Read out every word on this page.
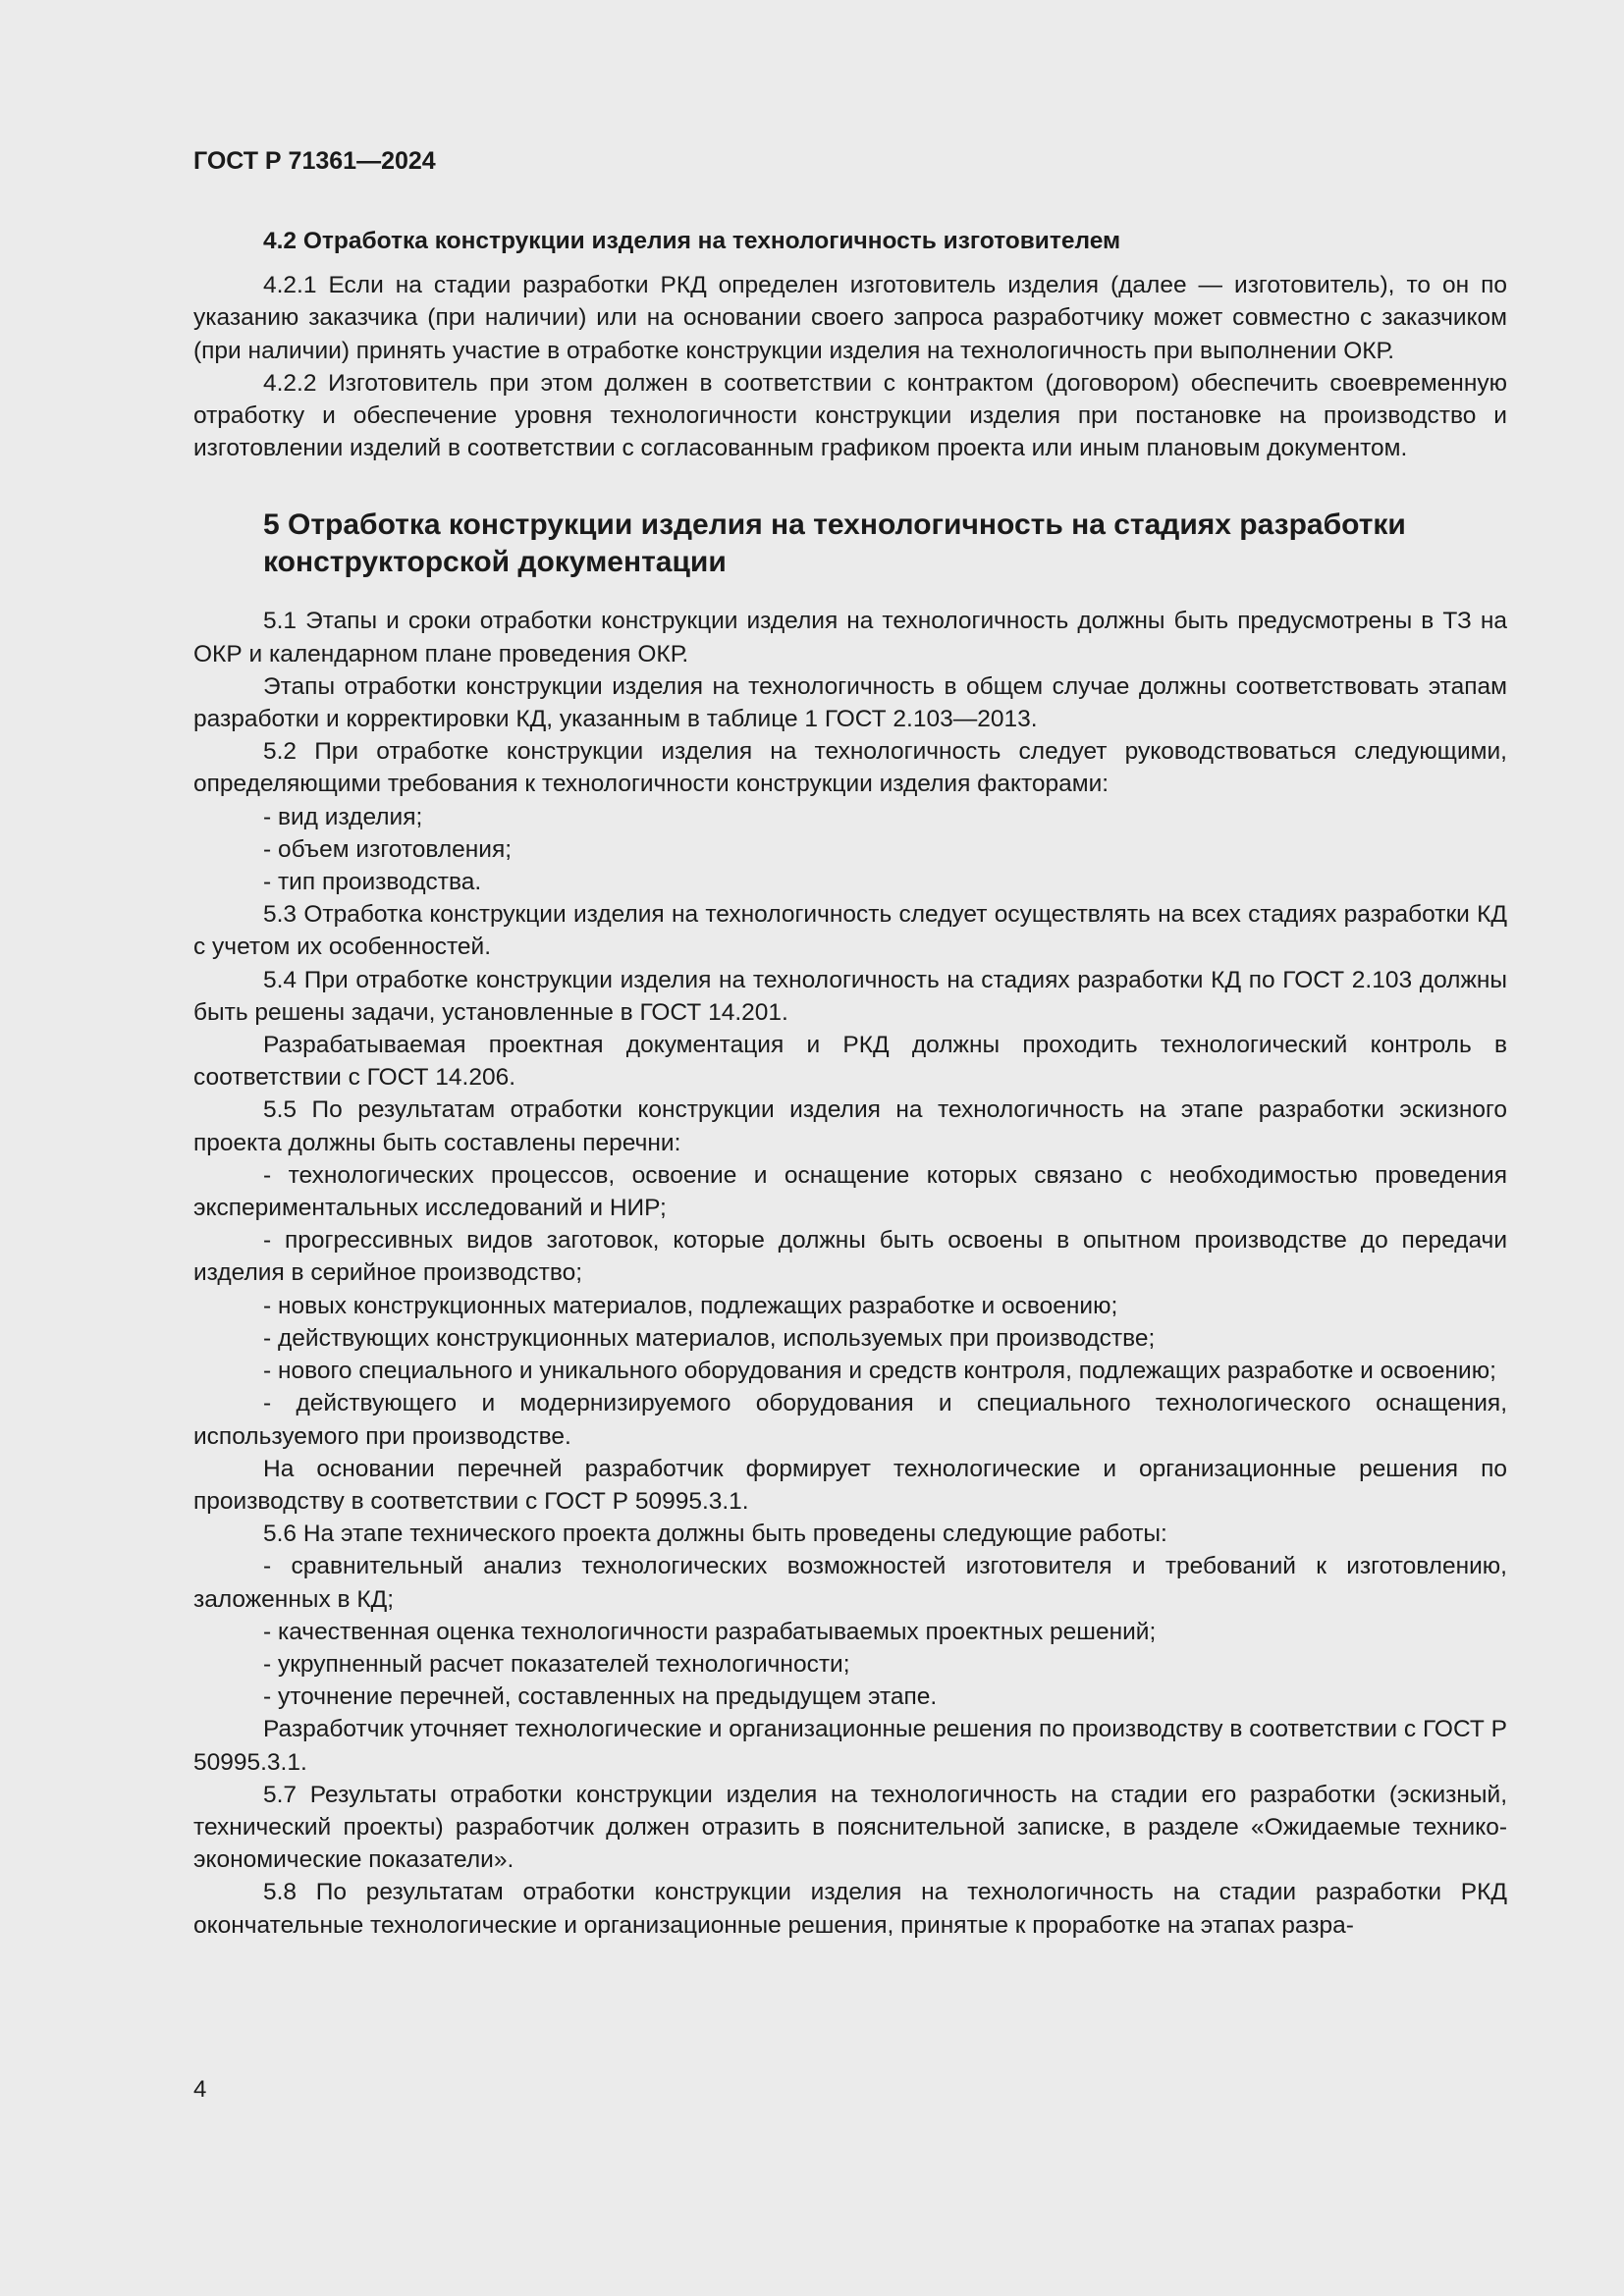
ГОСТ Р 71361—2024

4.2 Отработка конструкции изделия на технологичность изготовителем

4.2.1 Если на стадии разработки РКД определен изготовитель изделия (далее — изготовитель), то он по указанию заказчика (при наличии) или на основании своего запроса разработчику может совместно с заказчиком (при наличии) принять участие в отработке конструкции изделия на технологичность при выполнении ОКР.

4.2.2 Изготовитель при этом должен в соответствии с контрактом (договором) обеспечить своевременную отработку и обеспечение уровня технологичности конструкции изделия при постановке на производство и изготовлении изделий в соответствии с согласованным графиком проекта или иным плановым документом.

5 Отработка конструкции изделия на технологичность на стадиях разработки конструкторской документации

5.1 Этапы и сроки отработки конструкции изделия на технологичность должны быть предусмотрены в ТЗ на ОКР и календарном плане проведения ОКР.

Этапы отработки конструкции изделия на технологичность в общем случае должны соответствовать этапам разработки и корректировки КД, указанным в таблице 1 ГОСТ 2.103—2013.

5.2 При отработке конструкции изделия на технологичность следует руководствоваться следующими, определяющими требования к технологичности конструкции изделия факторами:

- вид изделия;

- объем изготовления;

- тип производства.

5.3 Отработка конструкции изделия на технологичность следует осуществлять на всех стадиях разработки КД с учетом их особенностей.

5.4 При отработке конструкции изделия на технологичность на стадиях разработки КД по ГОСТ 2.103 должны быть решены задачи, установленные в ГОСТ 14.201.

Разрабатываемая проектная документация и РКД должны проходить технологический контроль в соответствии с ГОСТ 14.206.

5.5 По результатам отработки конструкции изделия на технологичность на этапе разработки эскизного проекта должны быть составлены перечни:

- технологических процессов, освоение и оснащение которых связано с необходимостью проведения экспериментальных исследований и НИР;

- прогрессивных видов заготовок, которые должны быть освоены в опытном производстве до передачи изделия в серийное производство;

- новых конструкционных материалов, подлежащих разработке и освоению;

- действующих конструкционных материалов, используемых при производстве;

- нового специального и уникального оборудования и средств контроля, подлежащих разработке и освоению;

- действующего и модернизируемого оборудования и специального технологического оснащения, используемого при производстве.

На основании перечней разработчик формирует технологические и организационные решения по производству в соответствии с ГОСТ Р 50995.3.1.

5.6 На этапе технического проекта должны быть проведены следующие работы:

- сравнительный анализ технологических возможностей изготовителя и требований к изготовлению, заложенных в КД;

- качественная оценка технологичности разрабатываемых проектных решений;

- укрупненный расчет показателей технологичности;

- уточнение перечней, составленных на предыдущем этапе.

Разработчик уточняет технологические и организационные решения по производству в соответствии с ГОСТ Р 50995.3.1.

5.7 Результаты отработки конструкции изделия на технологичность на стадии его разработки (эскизный, технический проекты) разработчик должен отразить в пояснительной записке, в разделе «Ожидаемые технико-экономические показатели».

5.8 По результатам отработки конструкции изделия на технологичность на стадии разработки РКД окончательные технологические и организационные решения, принятые к проработке на этапах разра-

4
